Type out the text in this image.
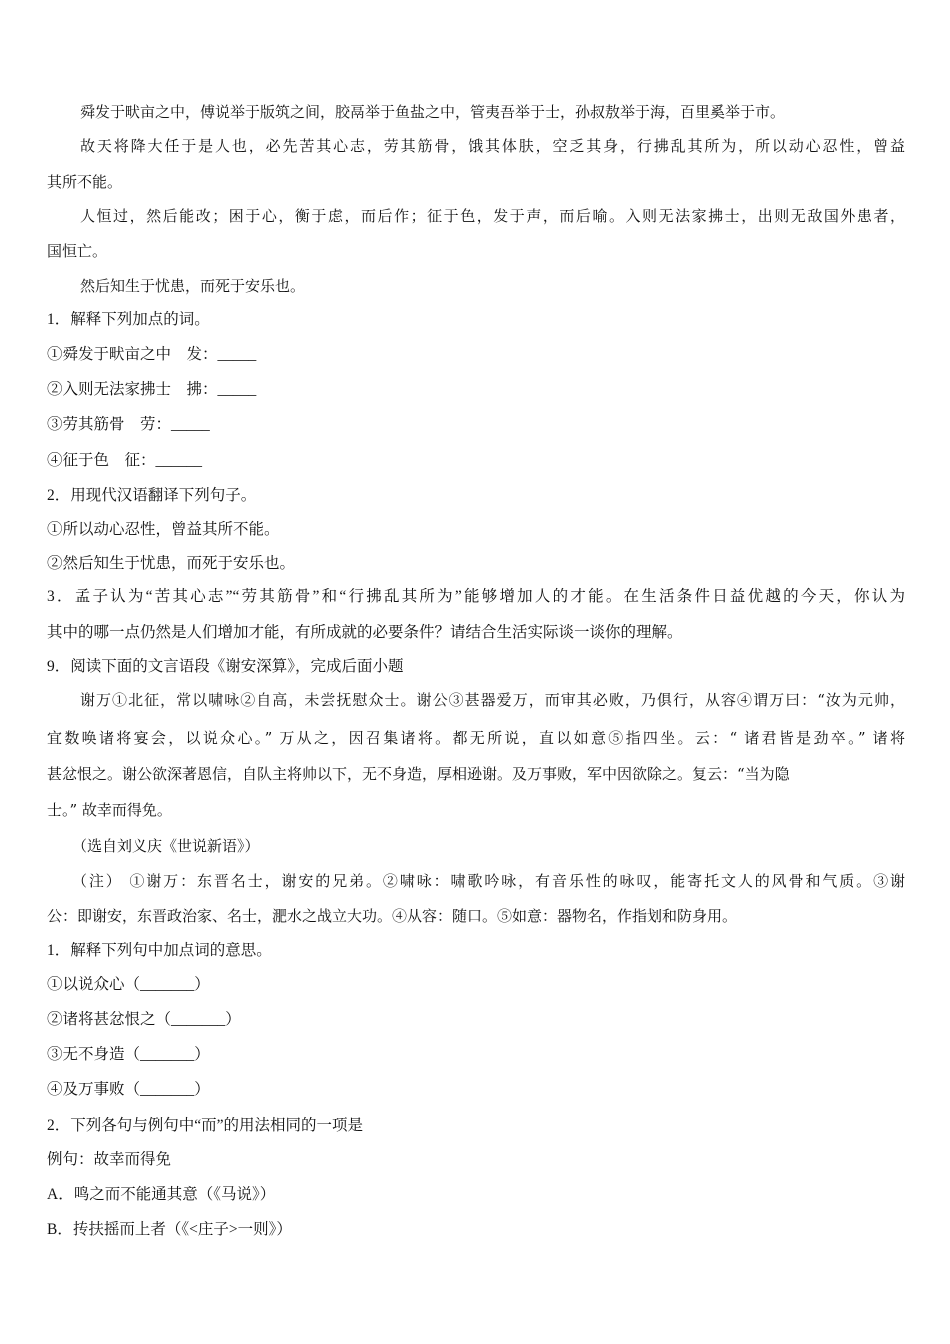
舜发于畎亩之中，傅说举于版筑之间，胶鬲举于鱼盐之中，管夷吾举于士，孙叔敖举于海，百里奚举于市。
故天将降大任于是人也，必先苦其心志，劳其筋骨，饿其体肤，空乏其身，行拂乱其所为，所以动心忍性，曾益
其所不能。
人恒过，然后能改；困于心，衡于虑，而后作；征于色，发于声，而后喻。入则无法家拂士，出则无敌国外患者，
国恒亡。
然后知生于忧患，而死于安乐也。
1．解释下列加点的词。
①舜发于畎亩之中　发：_____
②入则无法家拂士　拂：_____
③劳其筋骨　劳：_____
④征于色　征：______
2．用现代汉语翻译下列句子。
①所以动心忍性，曾益其所不能。
②然后知生于忧患，而死于安乐也。
3．孟子认为“苦其心志”“劳其筋骨”和“行拂乱其所为”能够增加人的才能。在生活条件日益优越的今天，你认为
其中的哪一点仍然是人们增加才能，有所成就的必要条件？请结合生活实际谈一谈你的理解。
9．阅读下面的文言语段《谢安深算》，完成后面小题
谢万①北征，常以啸咏②自高，未尝抚慰众士。谢公③甚器爱万，而审其必败，乃俱行，从容④谓万曰：“汝为元帅，
宜数唤诸将宴会，以说众心。” 万从之，因召集诸将。都无所说，直以如意⑤指四坐。云：“ 诸君皆是劲卒。” 诸将
甚忿恨之。谢公欲深著恩信，自队主将帅以下，无不身造，厚相逊谢。及万事败，军中因欲除之。复云：“当为隐
士。” 故幸而得免。
（选自刘义庆《世说新语》）
（注） ①谢万：东晋名士，谢安的兄弟。②啸咏：啸歌吟咏，有音乐性的咏叹，能寄托文人的风骨和气质。③谢
公：即谢安，东晋政治家、名士，淝水之战立大功。④从容：随口。⑤如意：器物名，作指划和防身用。
1．解释下列句中加点词的意思。
①以说众心（_______）
②诸将甚忿恨之（_______）
③无不身造（_______）
④及万事败（_______）
2．下列各句与例句中“而”的用法相同的一项是
例句：故幸而得免
A．鸣之而不能通其意（《马说》）
B．抟扶摇而上者（《<庄子>一则》）
